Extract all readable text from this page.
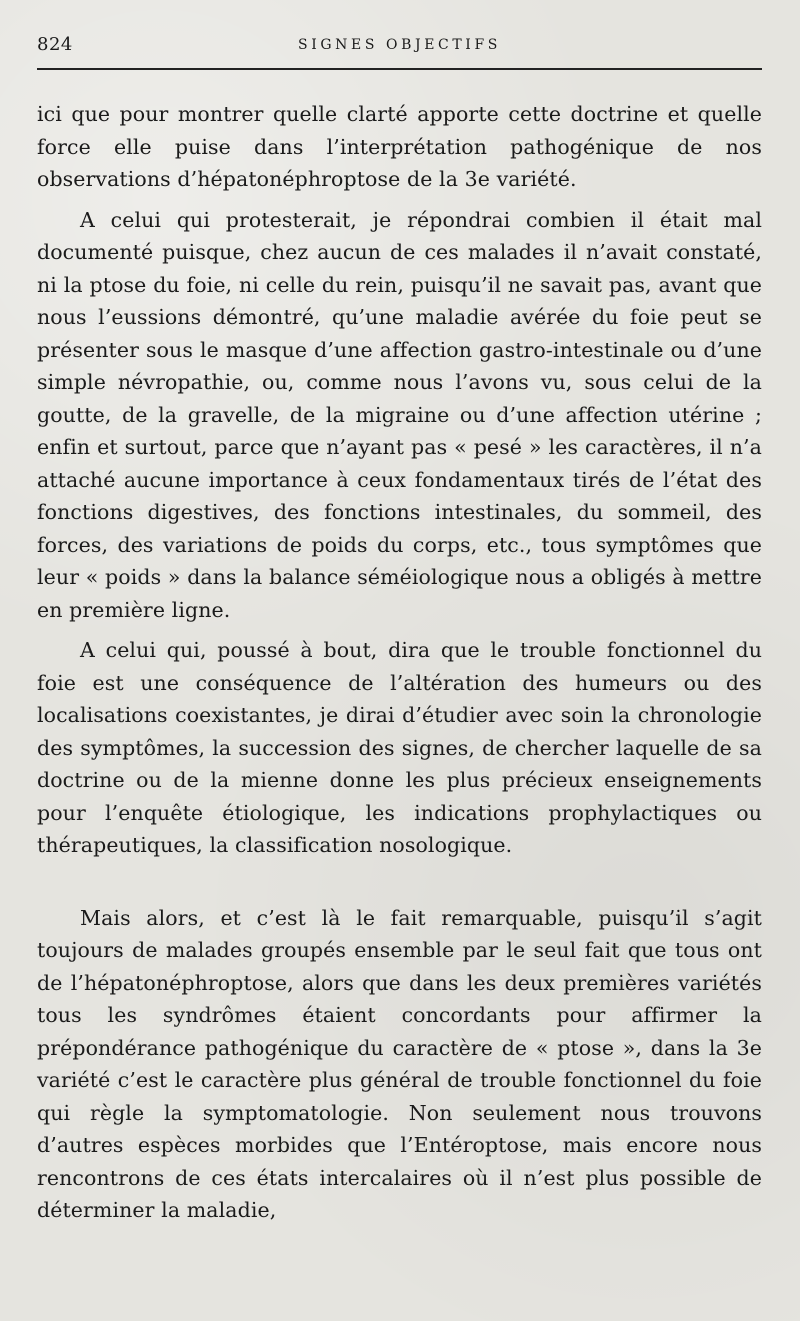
824	SIGNES OBJECTIFS

ici que pour montrer quelle clarté apporte cette doctrine et quelle force elle puise dans l’interprétation pathogénique de nos observations d’hépatonéphroptose de la 3e variété.

A celui qui protesterait, je répondrai combien il était mal documenté puisque, chez aucun de ces malades il n’avait constaté, ni la ptose du foie, ni celle du rein, puisqu’il ne savait pas, avant que nous l’eussions démontré, qu’une maladie avérée du foie peut se présenter sous le masque d’une affection gastro-intestinale ou d’une simple névropathie, ou, comme nous l’avons vu, sous celui de la goutte, de la gravelle, de la migraine ou d’une affection utérine ; enfin et surtout, parce que n’ayant pas « pesé » les caractères, il n’a attaché aucune importance à ceux fondamentaux tirés de l’état des fonctions digestives, des fonctions intestinales, du sommeil, des forces, des variations de poids du corps, etc., tous symptômes que leur « poids » dans la balance séméiologique nous a obligés à mettre en première ligne.

A celui qui, poussé à bout, dira que le trouble fonctionnel du foie est une conséquence de l’altération des humeurs ou des localisations coexistantes, je dirai d’étudier avec soin la chronologie des symptômes, la succession des signes, de chercher laquelle de sa doctrine ou de la mienne donne les plus précieux enseignements pour l’enquête étiologique, les indications prophylactiques ou thérapeutiques, la classification nosologique.

Mais alors, et c’est là le fait remarquable, puisqu’il s’agit toujours de malades groupés ensemble par le seul fait que tous ont de l’hépatonéphroptose, alors que dans les deux premières variétés tous les syndrômes étaient concordants pour affirmer la prépondérance pathogénique du caractère de « ptose », dans la 3e variété c’est le caractère plus général de trouble fonctionnel du foie qui règle la symptomatologie. Non seulement nous trouvons d’autres espèces morbides que l’Entéroptose, mais encore nous rencontrons de ces états intercalaires où il n’est plus possible de déterminer la maladie,
